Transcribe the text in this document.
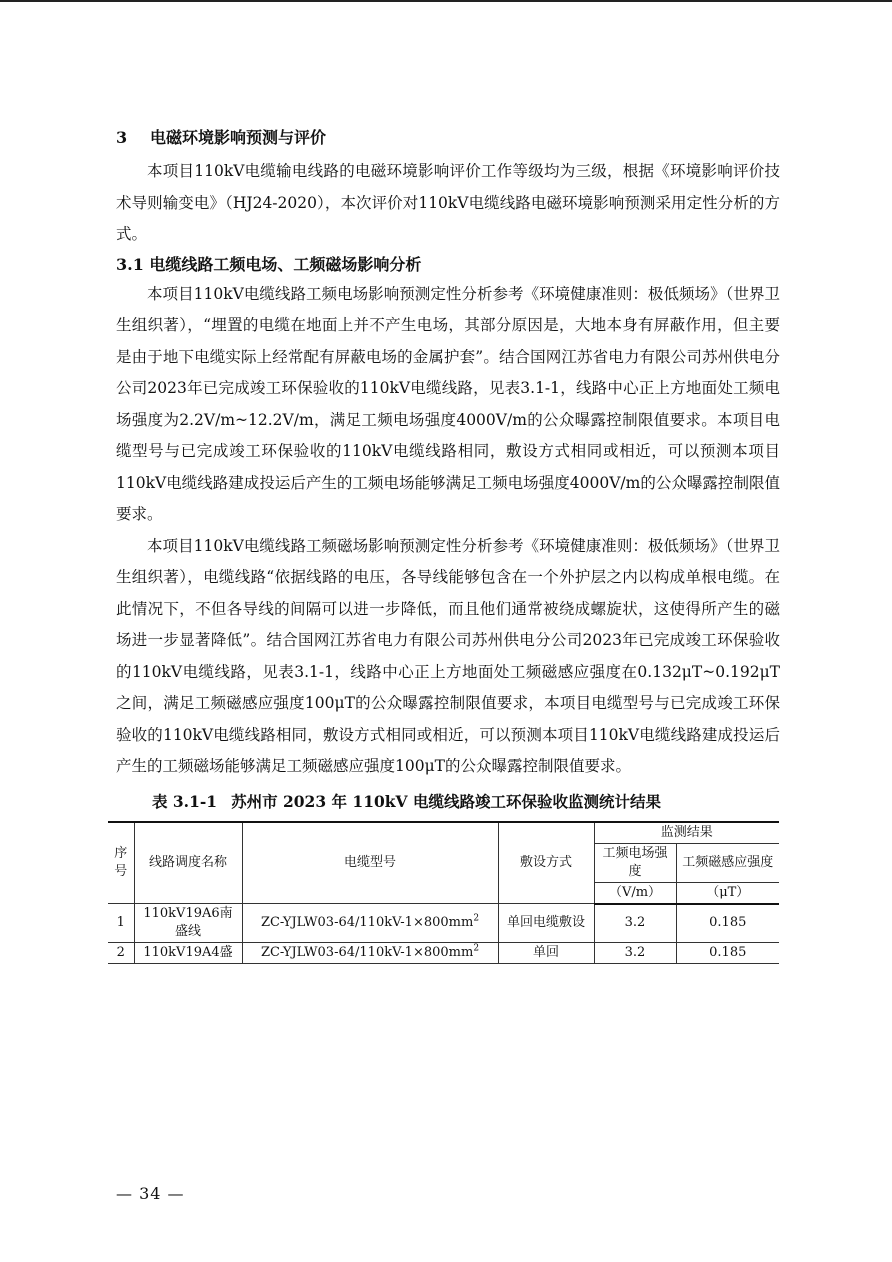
3 电磁环境影响预测与评价

本项目110kV电缆输电线路的电磁环境影响评价工作等级均为三级，根据《环境影响评价技术导则输变电》（HJ24-2020），本次评价对110kV电缆线路电磁环境影响预测采用定性分析的方式。

3.1 电缆线路工频电场、工频磁场影响分析

本项目110kV电缆线路工频电场影响预测定性分析参考《环境健康准则：极低频场》（世界卫生组织著），“埋置的电缆在地面上并不产生电场，其部分原因是，大地本身有屏蔽作用，但主要是由于地下电缆实际上经常配有屏蔽电场的金属护套”。结合国网江苏省电力有限公司苏州供电分公司2023年已完成竣工环保验收的110kV电缆线路，见表3.1-1，线路中心正上方地面处工频电场强度为2.2V/m~12.2V/m，满足工频电场强度4000V/m的公众曝露控制限值要求。本项目电缆型号与已完成竣工环保验收的110kV电缆线路相同，敷设方式相同或相近，可以预测本项目110kV电缆线路建成投运后产生的工频电场能够满足工频电场强度4000V/m的公众曝露控制限值要求。

本项目110kV电缆线路工频磁场影响预测定性分析参考《环境健康准则：极低频场》（世界卫生组织著），电缆线路“依据线路的电压，各导线能够包含在一个外护层之内以构成单根电缆。在此情况下，不但各导线的间隔可以进一步降低，而且他们通常被绕成螺旋状，这使得所产生的磁场进一步显著降低”。结合国网江苏省电力有限公司苏州供电分公司2023年已完成竣工环保验收的110kV电缆线路，见表3.1-1，线路中心正上方地面处工频磁感应强度在0.132μT~0.192μT之间，满足工频磁感应强度100μT的公众曝露控制限值要求，本项目电缆型号与已完成竣工环保验收的110kV电缆线路相同，敷设方式相同或相近，可以预测本项目110kV电缆线路建成投运后产生的工频磁场能够满足工频磁感应强度100μT的公众曝露控制限值要求。

表 3.1-1 苏州市 2023 年 110kV 电缆线路竣工环保验收监测统计结果
序号	线路调度名称	电缆型号	敷设方式	监测结果	
				工频电场强度	工频磁感应强度
				（V/m）	（μT）
1	110kV19A6南盛线	$ZC-YJLW03-64/110kV-1\times 800mm^2$	单回电缆敷设	3.2	0.185
2	110kV19A4盛	$ZC-YJLW03-64/110kV-1\times 800mm^2$	单回	3.2	0.185
— 34 —
